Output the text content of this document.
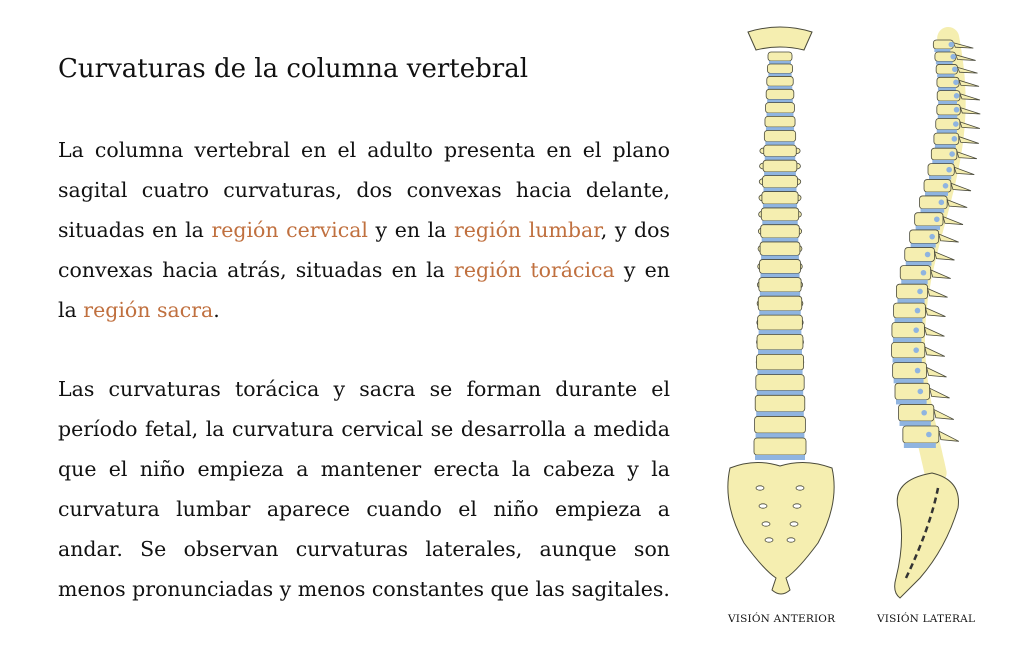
Curvaturas de la columna vertebral

La columna vertebral en el adulto presenta en el plano sagital cuatro curvaturas, dos convexas hacia delante, situadas en la región cervical y en la región lumbar, y dos convexas hacia atrás, situadas en la región torácica y en la región sacra.

Las curvaturas torácica y sacra se forman durante el período fetal, la curvatura cervical se desarrolla a medida que el niño empieza a mantener erecta la cabeza y la curvatura lumbar aparece cuando el niño empieza a andar. Se observan curvaturas laterales, aunque son menos pronunciadas y menos constantes que las sagitales.

VISIÓN ANTERIOR	VISIÓN LATERAL
